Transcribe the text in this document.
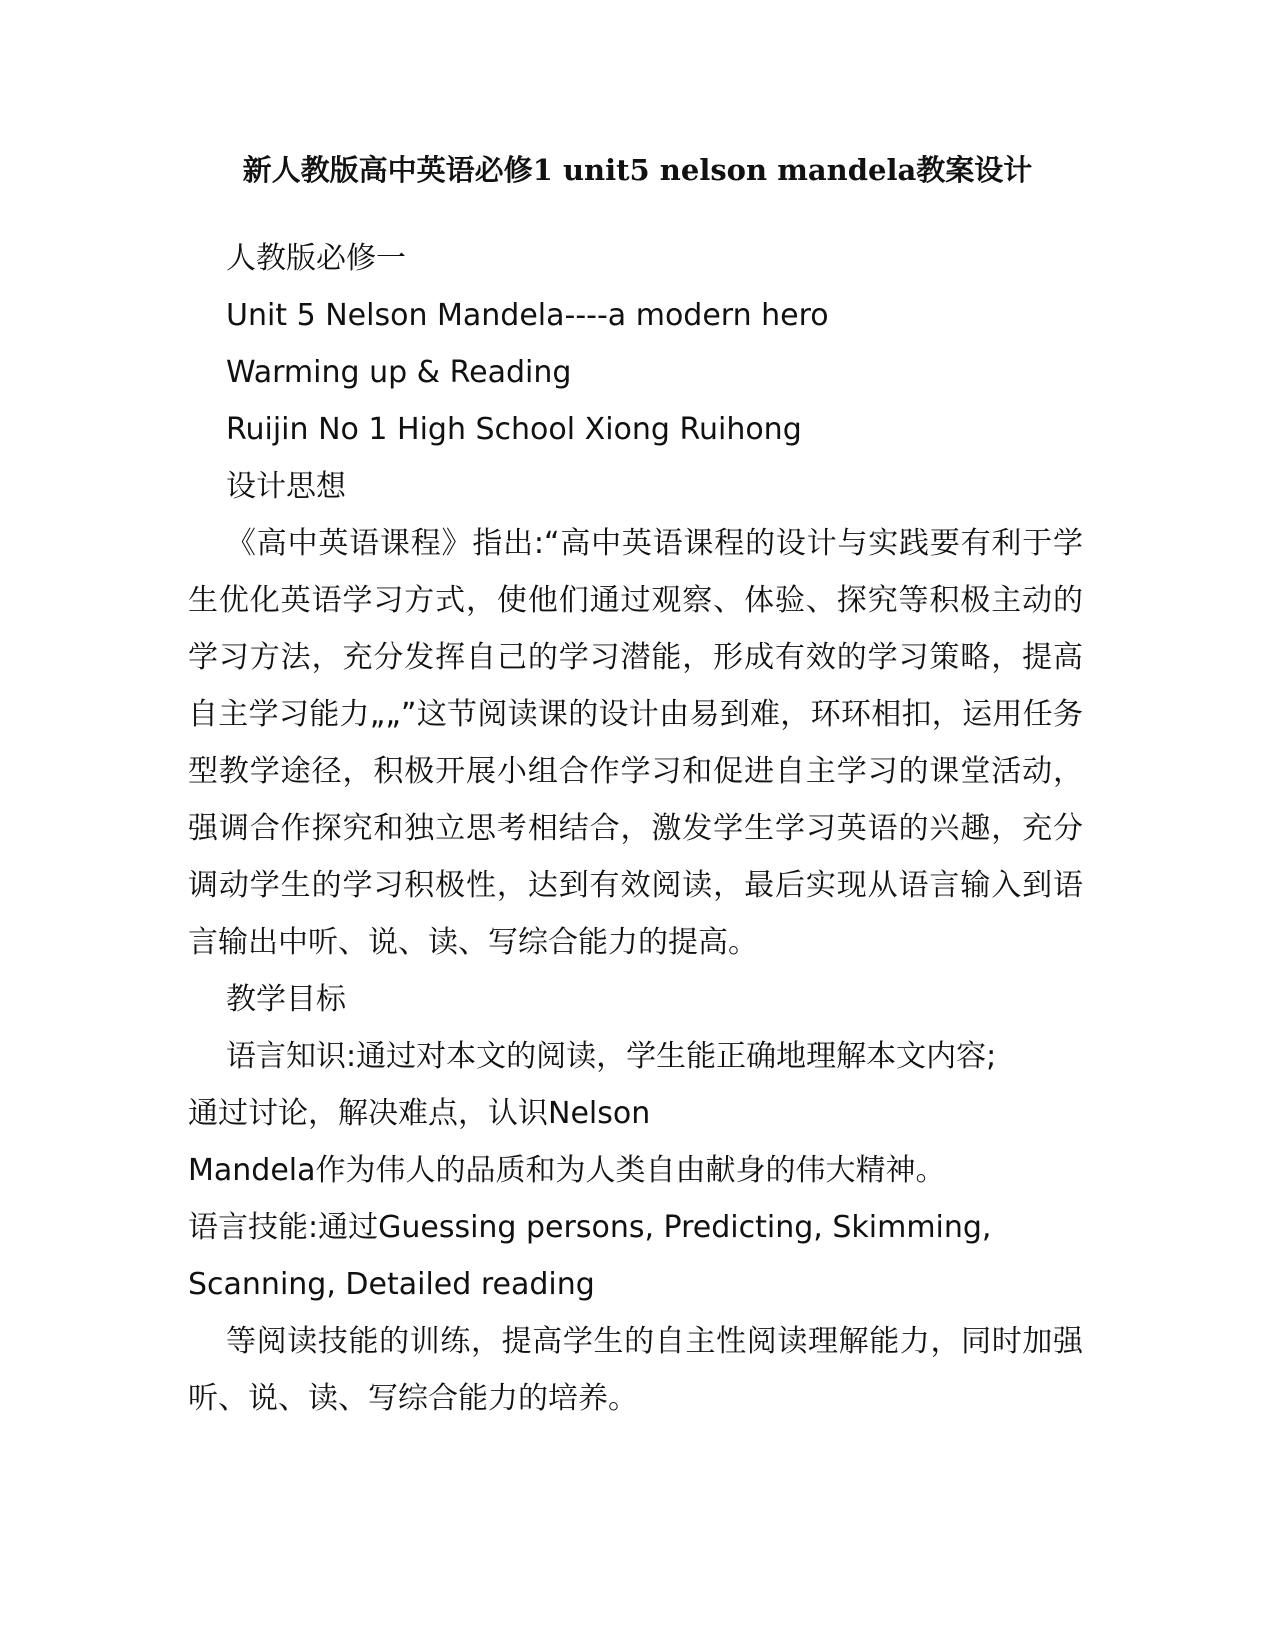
新人教版高中英语必修1 unit5 nelson mandela教案设计

人教版必修一

Unit 5 Nelson Mandela----a modern hero

Warming up & Reading

Ruijin No 1 High School Xiong Ruihong

设计思想

《高中英语课程》指出:“高中英语课程的设计与实践要有利于学生优化英语学习方式，使他们通过观察、体验、探究等积极主动的学习方法，充分发挥自己的学习潜能，形成有效的学习策略，提高自主学习能力„„”这节阅读课的设计由易到难，环环相扣，运用任务型教学途径，积极开展小组合作学习和促进自主学习的课堂活动，强调合作探究和独立思考相结合，激发学生学习英语的兴趣，充分调动学生的学习积极性，达到有效阅读，最后实现从语言输入到语言输出中听、说、读、写综合能力的提高。

教学目标

语言知识:通过对本文的阅读，学生能正确地理解本文内容;

通过讨论，解决难点，认识Nelson

Mandela作为伟人的品质和为人类自由献身的伟大精神。

语言技能:通过Guessing persons, Predicting, Skimming,

Scanning, Detailed reading

等阅读技能的训练，提高学生的自主性阅读理解能力，同时加强听、说、读、写综合能力的培养。
